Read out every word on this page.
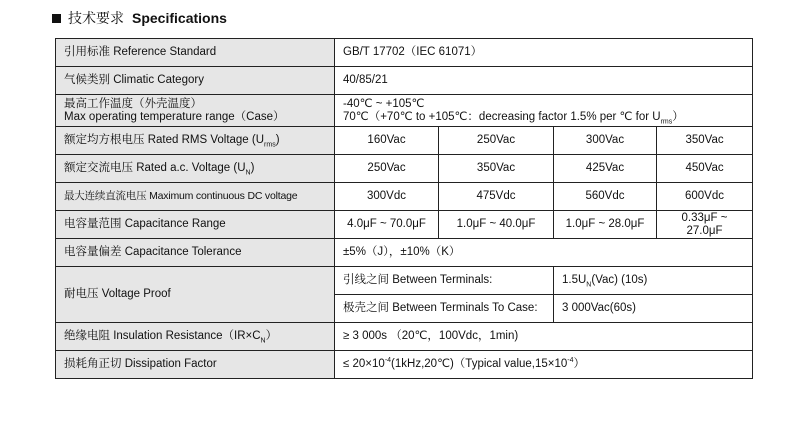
技术要求 Specifications
引用标准 Reference Standard	GB/T 17702（IEC 61071）			
气候类别 Climatic Category	40/85/21			

最高工作温度（外壳温度）
Max operating temperature range（Case）	-40℃ ~ +105℃
70℃（+70℃ to +105℃：decreasing factor 1.5% per ℃ for $U_{rms}$）			

额定均方根电压 Rated RMS Voltage $(U_{rms})$	160Vac	250Vac	300Vac	350Vac
额定交流电压 Rated a.c. Voltage $(U_N)$	250Vac	350Vac	425Vac	450Vac
最大连续直流电压 Maximum continuous DC voltage	300Vdc	475Vdc	560Vdc	600Vdc
电容量范围 Capacitance Range	4.0μF ~ 70.0μF	1.0μF ~ 40.0μF	1.0μF ~ 28.0μF	0.33μF ~ 27.0μF
电容量偏差 Capacitance Tolerance	±5%（J），±10%（K）			
耐电压 Voltage Proof	引线之间 Between Terminals:		$1.5U_N(Vac)$ (10s)	
	极壳之间 Between Terminals To Case:		3 000Vac(60s)	
绝缘电阻 Insulation $Resistance(IR\times C_N)$	≥ 3 000s （20℃，100Vdc，1min)			
损耗角正切 Dissipation Factor	≤ $20\times 10^{-4}(1kHz,20℃)(Typical$ $value,15\times 10^{-4}$）			
